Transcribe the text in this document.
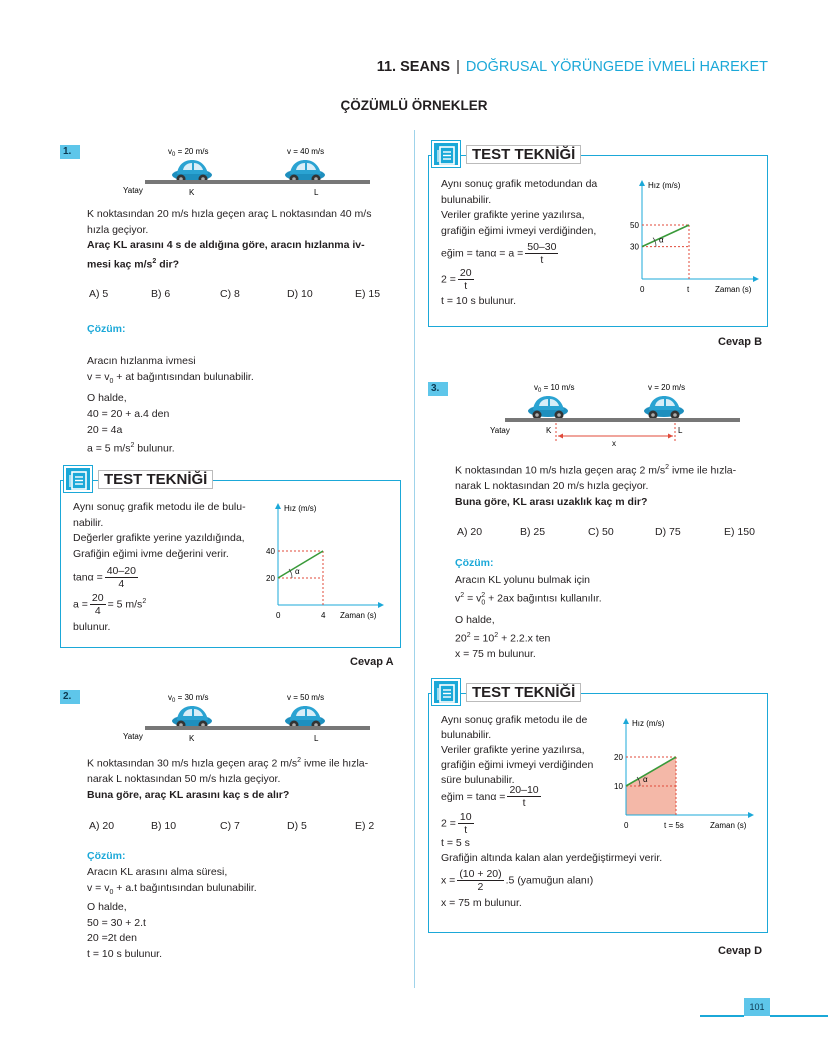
11. SEANS | DOĞRUSAL YÖRÜNGEDE İVMELİ HAREKET
ÇÖZÜMLÜ ÖRNEKLER
1.	$v_0 = 20$ m/s	v = 40 m/s
Yatay	K	L
K noktasından 20 m/s hızla geçen araç L noktasından 40 m/s
hızla geçiyor.
Araç KL arasını 4 s de aldığına göre, aracın hızlanma iv-
mesi kaç $m/s^2$ dir?
A) 5	B) 6	C) 8	D) 10	E) 15
Çözüm:
Aracın hızlanma ivmesi
$v = v_0$ + at bağıntısından bulunabilir.
O halde,
40 = 20 + a.4 den
20 = 4a
a = 5 $m/s^2$ bulunur.
TEST TEKNİĞİ
Aynı sonuç grafik metodu ile de bulu-
nabilir.
Değerler grafikte yerine yazıldığında,
Grafiğin eğimi ivme değerini verir.
$\tan\alpha = \frac{40-20}{4}$
$a = \frac{20}{4} = 5$ $m/s^2$
bulunur.
α
Hız (m/s)
Zaman (s)
20
40
0	4
Cevap A
2.	$v_0 = 30$ m/s	v = 50 m/s
Yatay	K	L
K noktasından 30 m/s hızla geçen araç 2 $m/s^2$ ivme ile hızla-
narak L noktasından 50 m/s hızla geçiyor.
Buna göre, araç KL arasını kaç s de alır?
A) 20	B) 10	C) 7	D) 5	E) 2
Çözüm:
Aracın KL arasını alma süresi,
$v = v_0 + a.t$ bağıntısından bulunabilir.
O halde,
50 = 30 + 2.t
20 =2t den
t = 10 s bulunur.
TEST TEKNİĞİ
Aynı sonuç grafik metodundan da
bulunabilir.
Veriler grafikte yerine yazılırsa,
grafiğin eğimi ivmeyi verdiğinden,
eğim = $\tan\alpha = a = \frac{50-30}{t}$
$2 = \frac{20}{t}$
t = 10 s bulunur.
α
Hız (m/s)
Zaman (s)
30
50
0	t
Cevap B
3.	$v_0 = 10$ m/s	v = 20 m/s
Yatay	K	L
x
K noktasından 10 m/s hızla geçen araç 2 $m/s^2$ ivme ile hızla-
narak L noktasından 20 m/s hızla geçiyor.
Buna göre, KL arası uzaklık kaç m dir?
A) 20	B) 25	C) 50	D) 75	E) 150
Çözüm:
Aracın KL yolunu bulmak için
$v^2 = v_0^2 + 2ax$ bağıntısı kullanılır.
O halde,
$20^2 = 10^2 + 2.2.x$ ten
x = 75 m bulunur.
TEST TEKNİĞİ
Aynı sonuç grafik metodu ile de
bulunabilir.
Veriler grafikte yerine yazılırsa,
grafiğin eğimi ivmeyi verdiğinden
süre bulunabilir.
eğim = $\tan\alpha = \frac{20-10}{t}$
$2 = \frac{10}{t}$
t = 5 s
Grafiğin altında kalan alan yerdeğiştirmeyi verir.
$x = \frac{(10 + 20)}{2} .5$ (yamuğun alanı)
x = 75 m bulunur.
α
Hız (m/s)
Zaman (s)
10
20
0	t = 5s
Cevap D
101
